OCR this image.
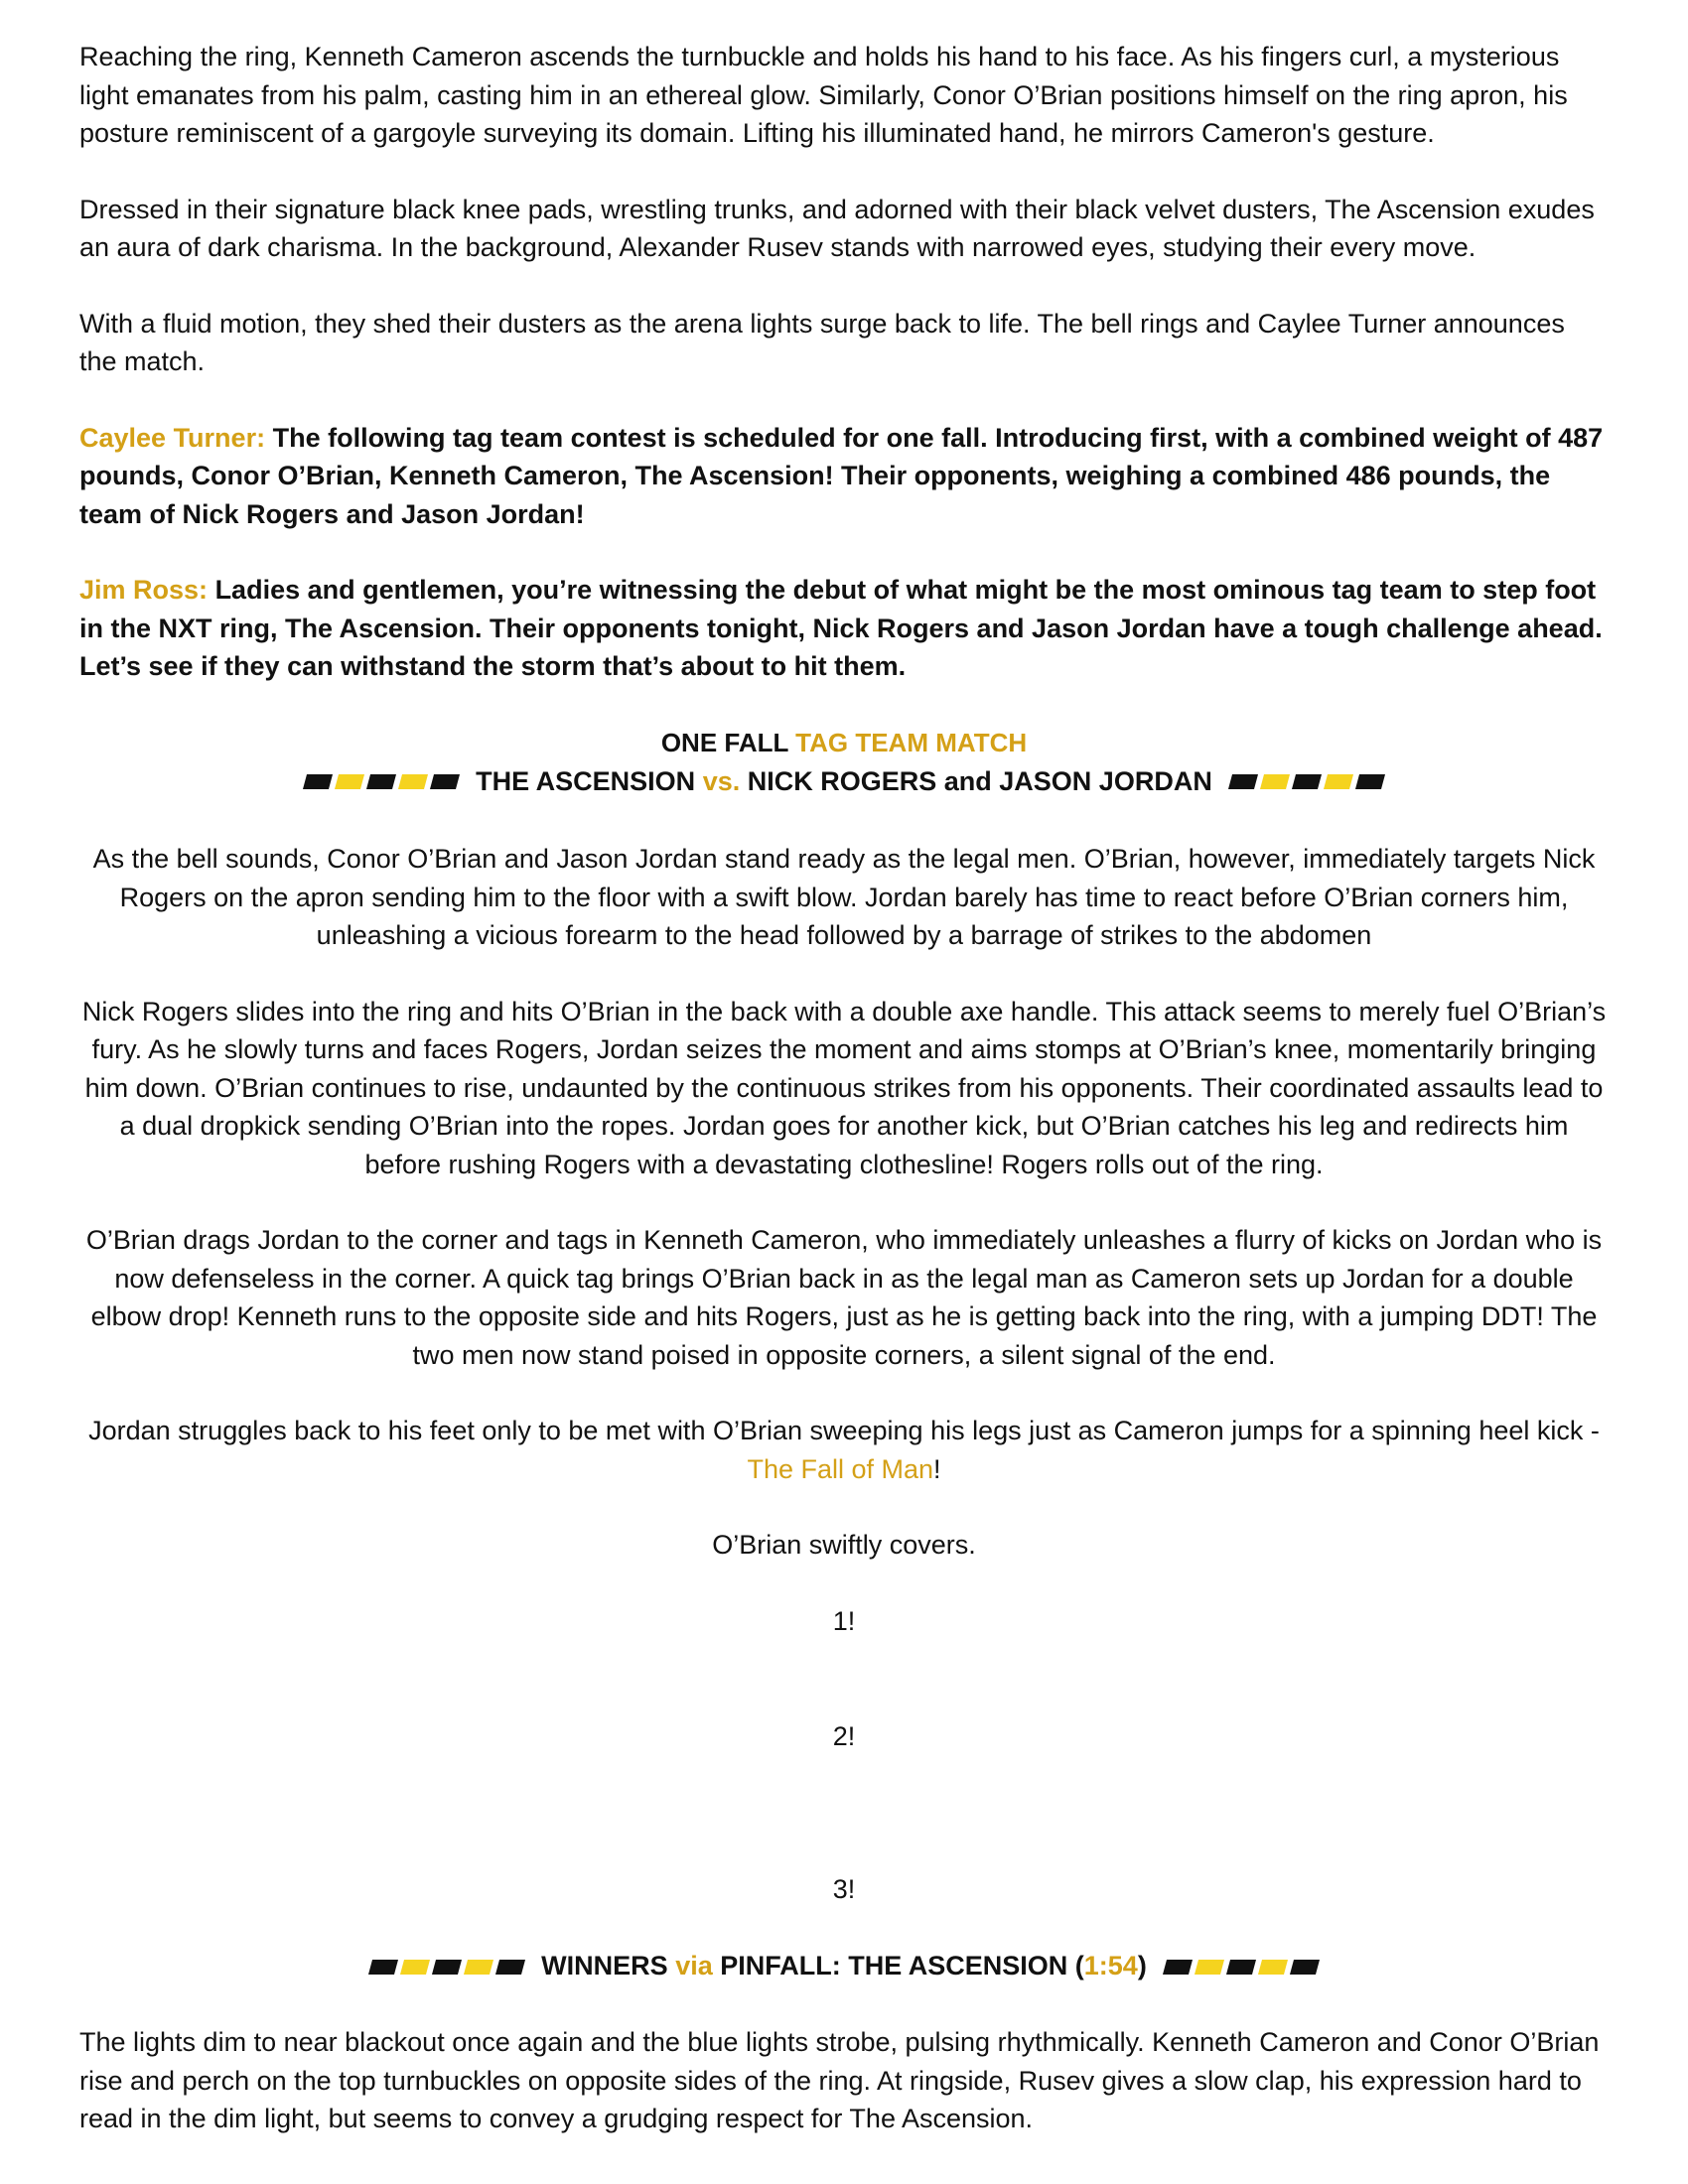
Reaching the ring, Kenneth Cameron ascends the turnbuckle and holds his hand to his face. As his fingers curl, a mysterious light emanates from his palm, casting him in an ethereal glow. Similarly, Conor O’Brian positions himself on the ring apron, his posture reminiscent of a gargoyle surveying its domain. Lifting his illuminated hand, he mirrors Cameron's gesture.

Dressed in their signature black knee pads, wrestling trunks, and adorned with their black velvet dusters, The Ascension exudes an aura of dark charisma. In the background, Alexander Rusev stands with narrowed eyes, studying their every move.

With a fluid motion, they shed their dusters as the arena lights surge back to life. The bell rings and Caylee Turner announces the match.

Caylee Turner: The following tag team contest is scheduled for one fall. Introducing first, with a combined weight of 487 pounds, Conor O’Brian, Kenneth Cameron, The Ascension! Their opponents, weighing a combined 486 pounds, the team of Nick Rogers and Jason Jordan!

Jim Ross: Ladies and gentlemen, you’re witnessing the debut of what might be the most ominous tag team to step foot in the NXT ring, The Ascension. Their opponents tonight, Nick Rogers and Jason Jordan have a tough challenge ahead. Let’s see if they can withstand the storm that’s about to hit them.

ONE FALL TAG TEAM MATCH
THE ASCENSION vs. NICK ROGERS and JASON JORDAN

As the bell sounds, Conor O’Brian and Jason Jordan stand ready as the legal men. O’Brian, however, immediately targets Nick Rogers on the apron sending him to the floor with a swift blow. Jordan barely has time to react before O’Brian corners him, unleashing a vicious forearm to the head followed by a barrage of strikes to the abdomen

Nick Rogers slides into the ring and hits O’Brian in the back with a double axe handle. This attack seems to merely fuel O’Brian’s fury. As he slowly turns and faces Rogers, Jordan seizes the moment and aims stomps at O’Brian’s knee, momentarily bringing him down. O’Brian continues to rise, undaunted by the continuous strikes from his opponents. Their coordinated assaults lead to a dual dropkick sending O’Brian into the ropes. Jordan goes for another kick, but O’Brian catches his leg and redirects him before rushing Rogers with a devastating clothesline! Rogers rolls out of the ring.

O’Brian drags Jordan to the corner and tags in Kenneth Cameron, who immediately unleashes a flurry of kicks on Jordan who is now defenseless in the corner. A quick tag brings O’Brian back in as the legal man as Cameron sets up Jordan for a double elbow drop! Kenneth runs to the opposite side and hits Rogers, just as he is getting back into the ring, with a jumping DDT! The two men now stand poised in opposite corners, a silent signal of the end.

Jordan struggles back to his feet only to be met with O’Brian sweeping his legs just as Cameron jumps for a spinning heel kick -
The Fall of Man!

O’Brian swiftly covers.

1!

2!

3!

WINNERS via PINFALL: THE ASCENSION (1:54)

The lights dim to near blackout once again and the blue lights strobe, pulsing rhythmically. Kenneth Cameron and Conor O’Brian rise and perch on the top turnbuckles on opposite sides of the ring. At ringside, Rusev gives a slow clap, his expression hard to read in the dim light, but seems to convey a grudging respect for The Ascension.
